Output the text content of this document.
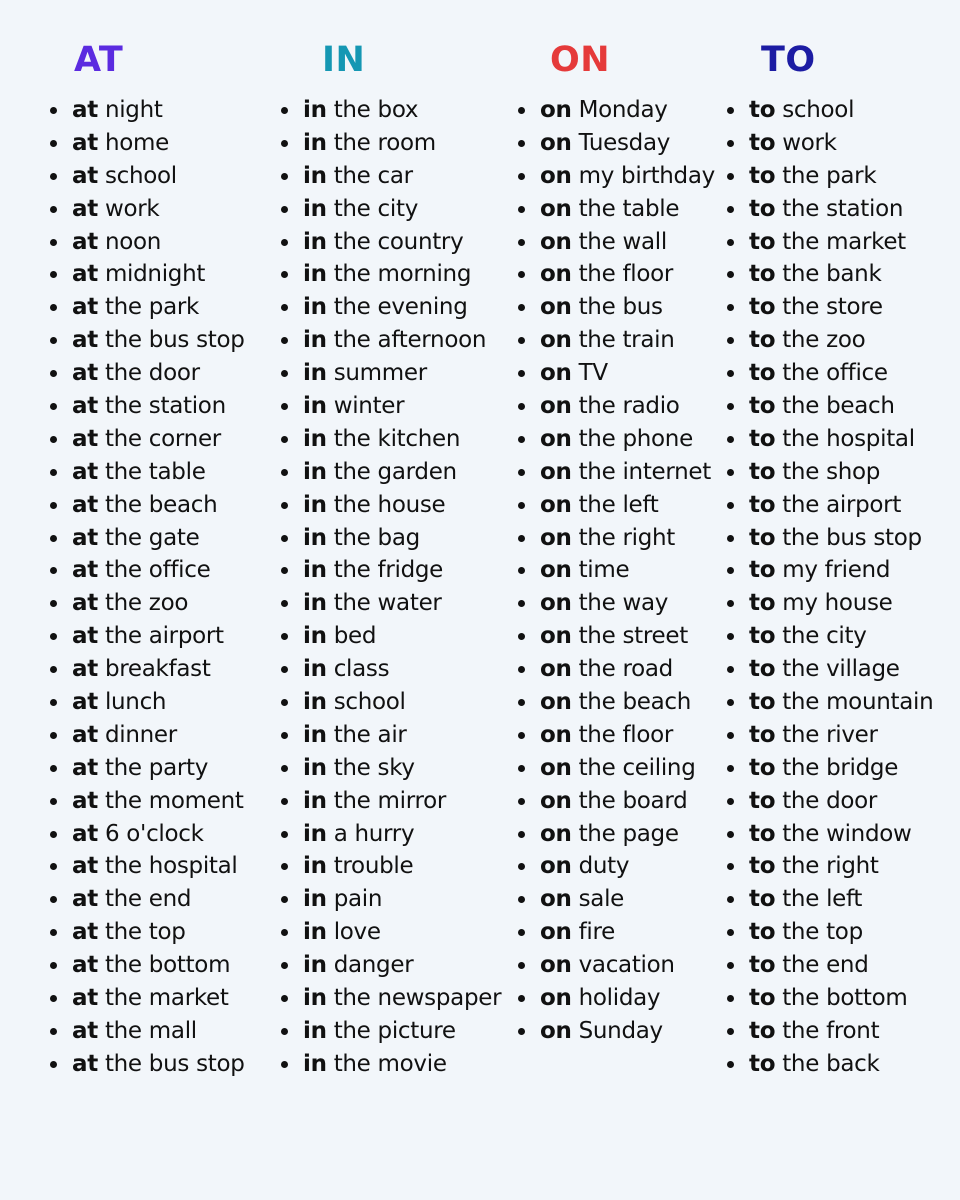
AT
at night
at home
at school
at work
at noon
at midnight
at the park
at the bus stop
at the door
at the station
at the corner
at the table
at the beach
at the gate
at the office
at the zoo
at the airport
at breakfast
at lunch
at dinner
at the party
at the moment
at 6 o'clock
at the hospital
at the end
at the top
at the bottom
at the market
at the mall
at the bus stop
IN
in the box
in the room
in the car
in the city
in the country
in the morning
in the evening
in the afternoon
in summer
in winter
in the kitchen
in the garden
in the house
in the bag
in the fridge
in the water
in bed
in class
in school
in the air
in the sky
in the mirror
in a hurry
in trouble
in pain
in love
in danger
in the newspaper
in the picture
in the movie
ON
on Monday
on Tuesday
on my birthday
on the table
on the wall
on the floor
on the bus
on the train
on TV
on the radio
on the phone
on the internet
on the left
on the right
on time
on the way
on the street
on the road
on the beach
on the floor
on the ceiling
on the board
on the page
on duty
on sale
on fire
on vacation
on holiday
on Sunday
TO
to school
to work
to the park
to the station
to the market
to the bank
to the store
to the zoo
to the office
to the beach
to the hospital
to the shop
to the airport
to the bus stop
to my friend
to my house
to the city
to the village
to the mountain
to the river
to the bridge
to the door
to the window
to the right
to the left
to the top
to the end
to the bottom
to the front
to the back
